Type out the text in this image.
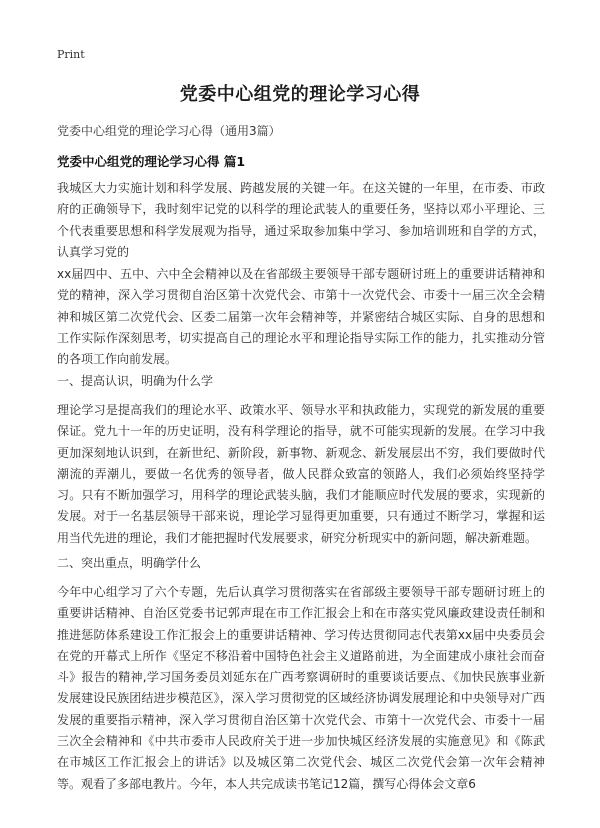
Print
党委中心组党的理论学习心得
党委中心组党的理论学习心得（通用3篇）
党委中心组党的理论学习心得 篇1
我城区大力实施计划和科学发展、跨越发展的关键一年。在这关键的一年里，在市委、市政府的正确领导下，我时刻牢记党的以科学的理论武装人的重要任务，坚持以邓小平理论、三个代表重要思想和科学发展观为指导，通过采取参加集中学习、参加培训班和自学的方式，认真学习党的
xx届四中、五中、六中全会精神以及在省部级主要领导干部专题研讨班上的重要讲话精神和党的精神，深入学习贯彻自治区第十次党代会、市第十一次党代会、市委十一届三次全会精神和城区第二次党代会、区委二届第一次年会精神等，并紧密结合城区实际、自身的思想和工作实际作深刻思考，切实提高自己的理论水平和理论指导实际工作的能力，扎实推动分管的各项工作向前发展。
一、提高认识，明确为什么学
理论学习是提高我们的理论水平、政策水平、领导水平和执政能力，实现党的新发展的重要保证。党九十一年的历史证明，没有科学理论的指导，就不可能实现新的发展。在学习中我更加深刻地认识到，在新世纪、新阶段，新事物、新观念、新发展层出不穷，我们要做时代潮流的弄潮儿，要做一名优秀的领导者，做人民群众致富的领路人，我们必须始终坚持学习。只有不断加强学习，用科学的理论武装头脑，我们才能顺应时代发展的要求，实现新的发展。对于一名基层领导干部来说，理论学习显得更加重要，只有通过不断学习，掌握和运用当代先进的理论，我们才能把握时代发展要求，研究分析现实中的新问题，解决新难题。
二、突出重点，明确学什么
今年中心组学习了六个专题，先后认真学习贯彻落实在省部级主要领导干部专题研讨班上的重要讲话精神、自治区党委书记郭声琨在市工作汇报会上和在市落实党风廉政建设责任制和推进惩防体系建设工作汇报会上的重要讲话精神、学习传达贯彻同志代表第xx届中央委员会在党的开幕式上所作《坚定不移沿着中国特色社会主义道路前进，为全面建成小康社会而奋斗》报告的精神,学习国务委员刘延东在广西考察调研时的重要谈话要点、《加快民族事业新发展建设民族团结进步模范区》，深入学习贯彻党的区域经济协调发展理论和中央领导对广西发展的重要指示精神，深入学习贯彻自治区第十次党代会、市第十一次党代会、市委十一届三次全会精神和《中共市委市人民政府关于进一步加快城区经济发展的实施意见》和《陈武在市城区工作汇报会上的讲话》以及城区第二次党代会、城区二次党代会第一次年会精神等。观看了多部电教片。今年，本人共完成读书笔记12篇，撰写心得体会文章6
